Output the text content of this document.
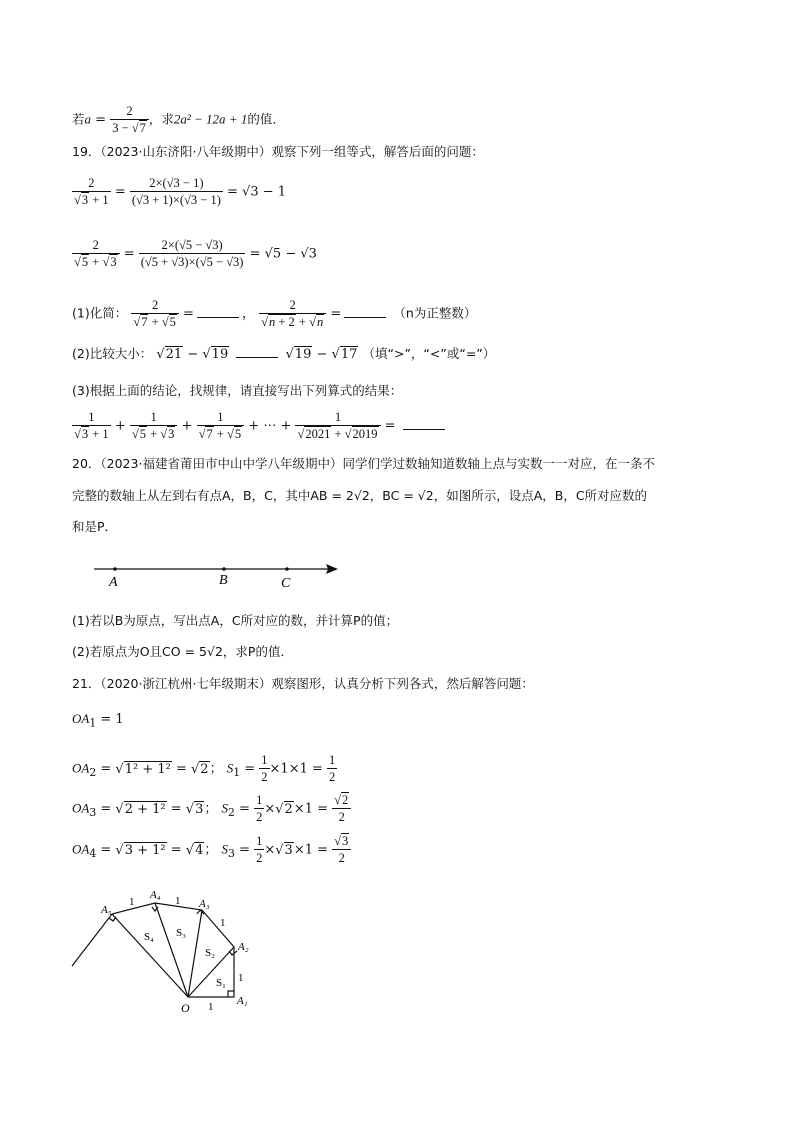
若$a = \frac{2}{3 - √7}$ ，求2a² − 12a + 1的值．
19．（2023·山东济阳·八年级期中）观察下列一组等式，解答后面的问题：
$\frac{2}{√3 + 1} = \frac{2\times(√3 - 1)}{(√3 + 1)\times(√3 - 1)} = √3 - 1$
$\frac{2}{√5 + √3} = \frac{2\times(√5 - √3)}{(√5 + √3)\times(√5 - √3)} = √5 - √3$
(1)化简： $\frac{2}{√7 + √5}$ =	， $\frac{2}{√n + 2 + √n}$ =	（n为正整数）
(2)比较大小： √21 − √19	√19 − √17 （填“>”，“<”或“=”）
(3)根据上面的结论，找规律，请直接写出下列算式的结果：
$\frac{1}{√3 + 1} + \frac{1}{√5 + √3} + \frac{1}{√7 + √5}$ + ⋯ + $\frac{1}{√2021 + √2019}$ =
20．（2023·福建省莆田市中山中学八年级期中）同学们学过数轴知道数轴上点与实数一一对应，在一条不
完整的数轴上从左到右有点A，B，C，其中AB = 2√2，BC = √2，如图所示，设点A，B，C所对应数的
和是P．
A	B	C
(1)若以B为原点，写出点A，C所对应的数，并计算P的值；
(2)若原点为O且CO = 5√2，求P的值．
21．（2020·浙江杭州·七年级期末）观察图形，认真分析下列各式，然后解答问题：
$OA_1 = 1$
$OA_2 = √1^2 + 1^2 = √2$； $S_1 = \frac{1}{2} \times 1\times 1 = \frac{1}{2}$
$OA_3 = √2 + 1^2 = √3$； $S_2 = \frac{1}{2} \times√2\times 1 = \frac{√2}{2}$
$OA_4 = √3 + 1^2 = √4$； $S_3 = \frac{1}{2} \times√3\times 1 = \frac{√3}{2}$
O	A₁
A₂
A₃
A₄
A₅
S₁
S₂
S₃
S₄
1
1
1
1
1
